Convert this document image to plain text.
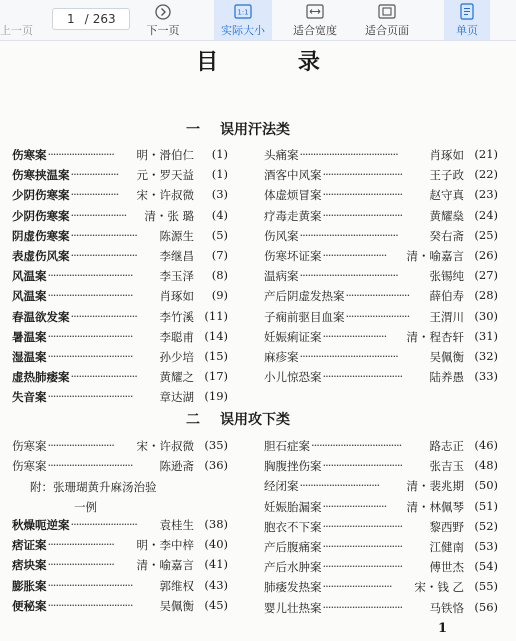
上一页
1 / 263
下一页
1:1
实际大小	适合宽度	适合页面	单页
目 录
一 误用汗法类
伤寒案	明・滑伯仁	(1)
·························
伤寒挟温案	元・罗天益	(1)
··················
少阴伤寒案	宋・许叔微	(3)
··················
少阴伤寒案	清・张 璐	(4)
·····················
阴虚伤寒案	陈源生	(5)
·························
表虚伤风案	李继昌	(7)
·························
风温案	李玉泽	(8)
································
风温案	肖琢如	(9)
································
春温欲发案	李竹溪 (11)
·························
暑温案	李聪甫 (14)
································
湿温案	孙少培 (15)
································
虚热肺痿案	黄耀之 (17)
·························
失音案	章达湖 (19)
································
头痛案	肖琢如 (21)
·····································
酒客中风案	王子政 (22)
······························
体虚烦冒案	赵守真 (23)
······························
疗毒走黄案	黄耀燊 (24)
······························
伤风案	癸右斋 (25)
·····································
伤寒坏证案	清・喻嘉言 (26)
························
温病案	张锡纯 (27)
·····································
产后阴虚发热案	薛伯寿 (28)
························
子痫前驱目血案	王渭川 (30)
························
妊娠痢证案	清・程杏轩 (31)
························
麻疹案	吴佩衡 (32)
·····································
小儿惊恐案	陆养愚 (33)
······························
二 误用攻下类
伤寒案	宋・许叔微 (35)
·························
伤寒案	陈逊斋 (36)
································
附：张珊瑚黄升麻汤治验
一例
秋燥呃逆案	袁桂生 (38)
·························
痞证案	明・李中梓 (40)
·························
痞块案	清・喻嘉言 (41)
·························
膨胀案	郭维权 (43)
································
便秘案	吴佩衡 (45)
································
胆石症案	路志正 (46)
··································
胸腹挫伤案	张吉玉 (48)
······························
经闭案	清・裴兆期 (50)
······························
妊娠胎漏案	清・林佩琴 (51)
························
胞衣不下案	黎西野 (52)
······························
产后腹痛案	江健南 (53)
······························
产后水肿案	傅世杰 (54)
······························
肺痿发热案	宋・钱 乙 (55)
··························
婴儿壮热案	马铁恪 (56)
······························
1
